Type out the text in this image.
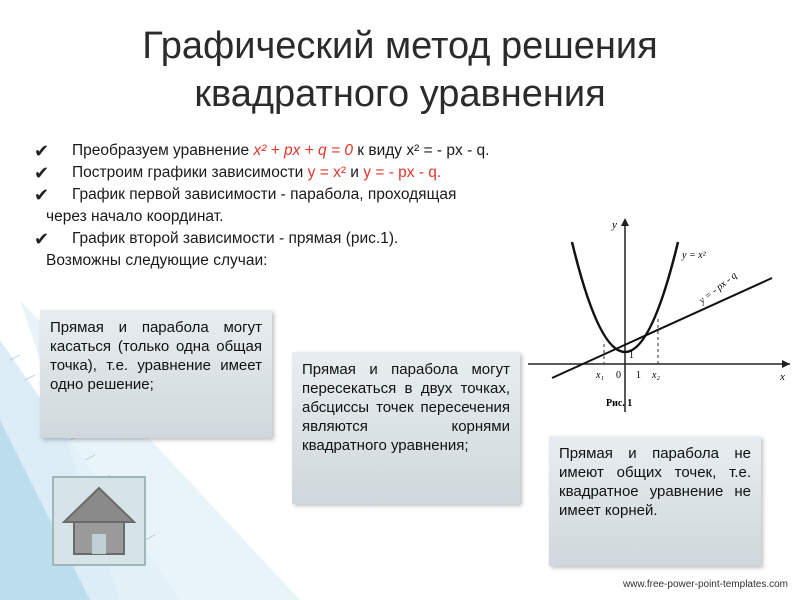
Графический метод решения
квадратного уравнения
✔ Преобразуем уравнение x² + px + q = 0 к виду x² = - px - q.
✔ Построим графики зависимости y = x² и y = - px - q.
✔ График первой зависимости - парабола, проходящая
через начало координат.
✔ График второй зависимости - прямая (рис.1).
Возможны следующие случаи:
y
x
y = x²
y = - px - q
x₁ 0 1
1
x₂
Рис. 1
Прямая и парабола могут касаться (только одна общая точка), т.е. уравнение имеет одно решение;
Прямая и парабола могут пересекаться в двух точках, абсциссы точек пересечения являются корнями квадратного уравнения;	Прямая и парабола не имеют общих точек, т.е. квадратное уравнение не имеет корней.
www.free-power-point-templates.com
